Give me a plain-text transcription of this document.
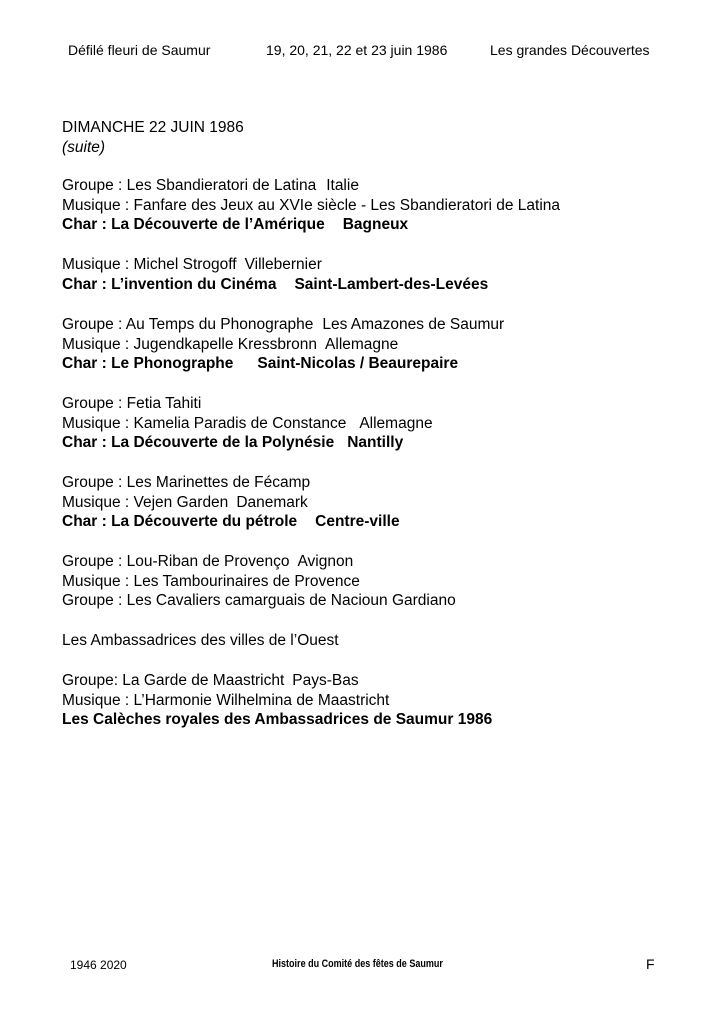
Défilé fleuri de Saumur	19, 20, 21, 22 et 23 juin 1986	Les grandes Découvertes
DIMANCHE 22 JUIN 1986
(suite)
Groupe : Les Sbandieratori de Latina Italie
Musique : Fanfare des Jeux au XVIe siècle - Les Sbandieratori de Latina
Char : La Découverte de l’Amérique Bagneux
Musique : Michel Strogoff Villebernier
Char : L’invention du Cinéma Saint-Lambert-des-Levées
Groupe : Au Temps du Phonographe Les Amazones de Saumur
Musique : Jugendkapelle Kressbronn Allemagne
Char : Le Phonographe Saint-Nicolas / Beaurepaire
Groupe : Fetia Tahiti
Musique : Kamelia Paradis de Constance Allemagne
Char : La Découverte de la Polynésie Nantilly
Groupe : Les Marinettes de Fécamp
Musique : Vejen Garden Danemark
Char : La Découverte du pétrole Centre-ville
Groupe : Lou-Riban de Provenço Avignon
Musique : Les Tambourinaires de Provence
Groupe : Les Cavaliers camarguais de Nacioun Gardiano
Les Ambassadrices des villes de l’Ouest
Groupe: La Garde de Maastricht Pays-Bas
Musique : L’Harmonie Wilhelmina de Maastricht
Les Calèches royales des Ambassadrices de Saumur 1986
1946 2020	Histoire du Comité des fêtes de Saumur	F
